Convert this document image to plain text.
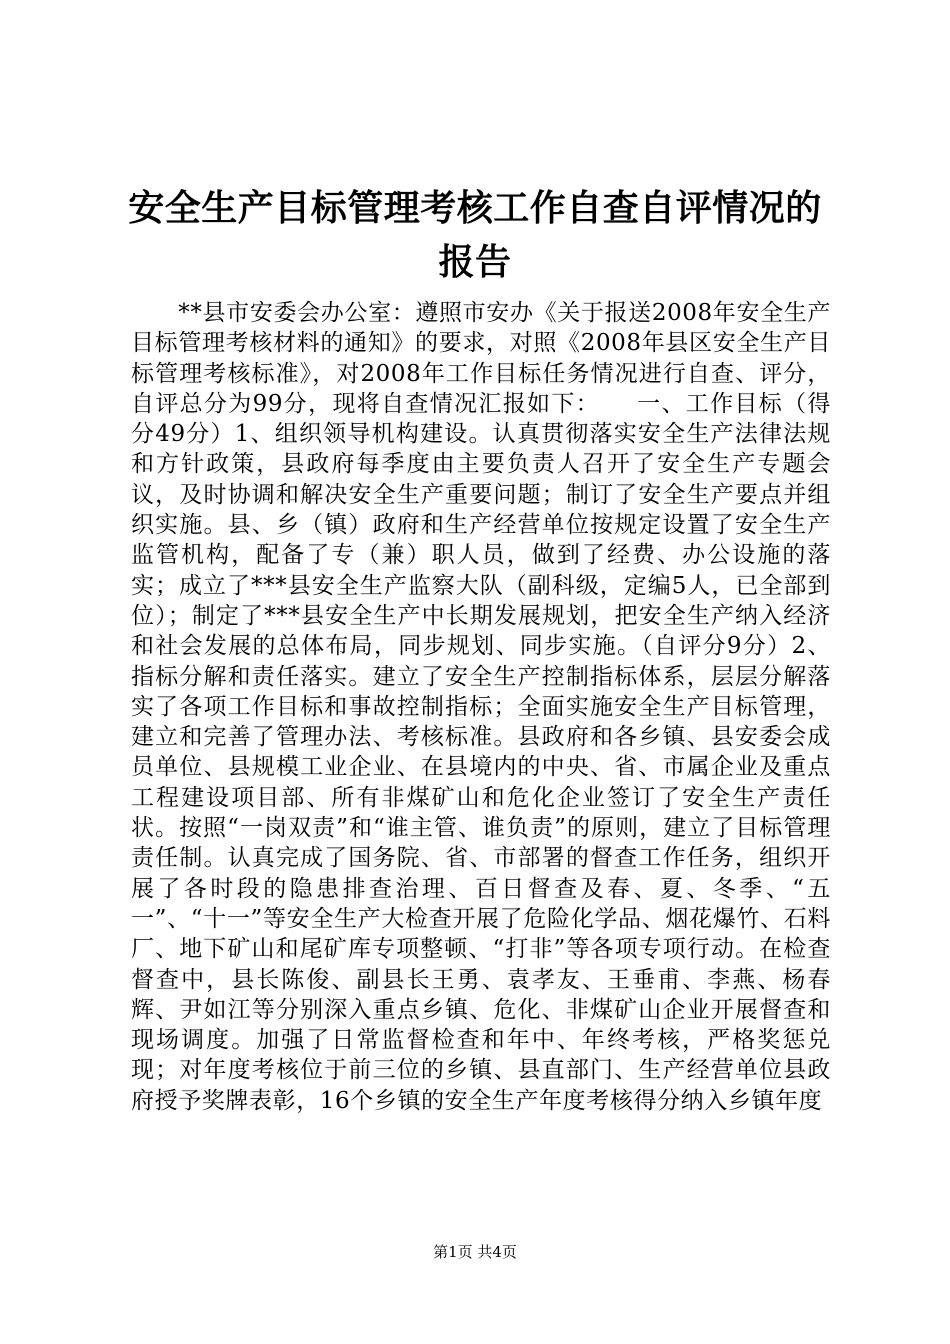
安全生产目标管理考核工作自查自评情况的报告

　　**县市安委会办公室：遵照市安办《关于报送2008年安全生产目标管理考核材料的通知》的要求，对照《2008年县区安全生产目标管理考核标准》，对2008年工作目标任务情况进行自查、评分，自评总分为99分，现将自查情况汇报如下：　　一、工作目标（得分49分）1、组织领导机构建设。认真贯彻落实安全生产法律法规和方针政策，县政府每季度由主要负责人召开了安全生产专题会议，及时协调和解决安全生产重要问题；制订了安全生产要点并组织实施。县、乡（镇）政府和生产经营单位按规定设置了安全生产监管机构，配备了专（兼）职人员，做到了经费、办公设施的落实；成立了***县安全生产监察大队（副科级，定编5人，已全部到位）；制定了***县安全生产中长期发展规划，把安全生产纳入经济和社会发展的总体布局，同步规划、同步实施。（自评分9分）2、指标分解和责任落实。建立了安全生产控制指标体系，层层分解落实了各项工作目标和事故控制指标；全面实施安全生产目标管理，建立和完善了管理办法、考核标准。县政府和各乡镇、县安委会成员单位、县规模工业企业、在县境内的中央、省、市属企业及重点工程建设项目部、所有非煤矿山和危化企业签订了安全生产责任状。按照“一岗双责”和“谁主管、谁负责”的原则，建立了目标管理责任制。认真完成了国务院、省、市部署的督查工作任务，组织开展了各时段的隐患排查治理、百日督查及春、夏、冬季、“五一”、“十一”等安全生产大检查开展了危险化学品、烟花爆竹、石料厂、地下矿山和尾矿库专项整顿、“打非”等各项专项行动。在检查督查中，县长陈俊、副县长王勇、袁孝友、王垂甫、李燕、杨春辉、尹如江等分别深入重点乡镇、危化、非煤矿山企业开展督查和现场调度。加强了日常监督检查和年中、年终考核，严格奖惩兑现；对年度考核位于前三位的乡镇、县直部门、生产经营单位县政府授予奖牌表彰，16个乡镇的安全生产年度考核得分纳入乡镇年度

第1页 共4页
